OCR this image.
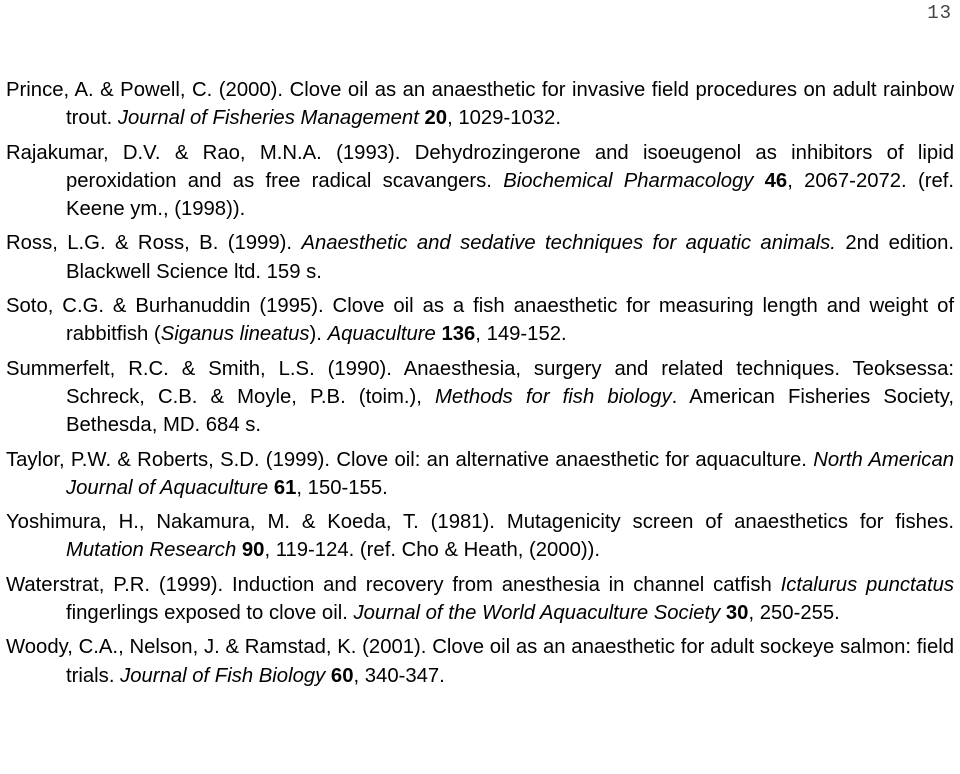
13

Prince, A. & Powell, C. (2000). Clove oil as an anaesthetic for invasive field procedures on adult rainbow trout. Journal of Fisheries Management 20, 1029-1032.

Rajakumar, D.V. & Rao, M.N.A. (1993). Dehydrozingerone and isoeugenol as inhibitors of lipid peroxidation and as free radical scavangers. Biochemical Pharmacology 46, 2067-2072. (ref. Keene ym., (1998)).

Ross, L.G. & Ross, B. (1999). Anaesthetic and sedative techniques for aquatic animals. 2nd edition. Blackwell Science ltd. 159 s.

Soto, C.G. & Burhanuddin (1995). Clove oil as a fish anaesthetic for measuring length and weight of rabbitfish (Siganus lineatus). Aquaculture 136, 149-152.

Summerfelt, R.C. & Smith, L.S. (1990). Anaesthesia, surgery and related techniques. Teoksessa: Schreck, C.B. & Moyle, P.B. (toim.), Methods for fish biology. American Fisheries Society, Bethesda, MD. 684 s.

Taylor, P.W. & Roberts, S.D. (1999). Clove oil: an alternative anaesthetic for aquaculture. North American Journal of Aquaculture 61, 150-155.

Yoshimura, H., Nakamura, M. & Koeda, T. (1981). Mutagenicity screen of anaesthetics for fishes. Mutation Research 90, 119-124. (ref. Cho & Heath, (2000)).

Waterstrat, P.R. (1999). Induction and recovery from anesthesia in channel catfish Ictalurus punctatus fingerlings exposed to clove oil. Journal of the World Aquaculture Society 30, 250-255.

Woody, C.A., Nelson, J. & Ramstad, K. (2001). Clove oil as an anaesthetic for adult sockeye salmon: field trials. Journal of Fish Biology 60, 340-347.
